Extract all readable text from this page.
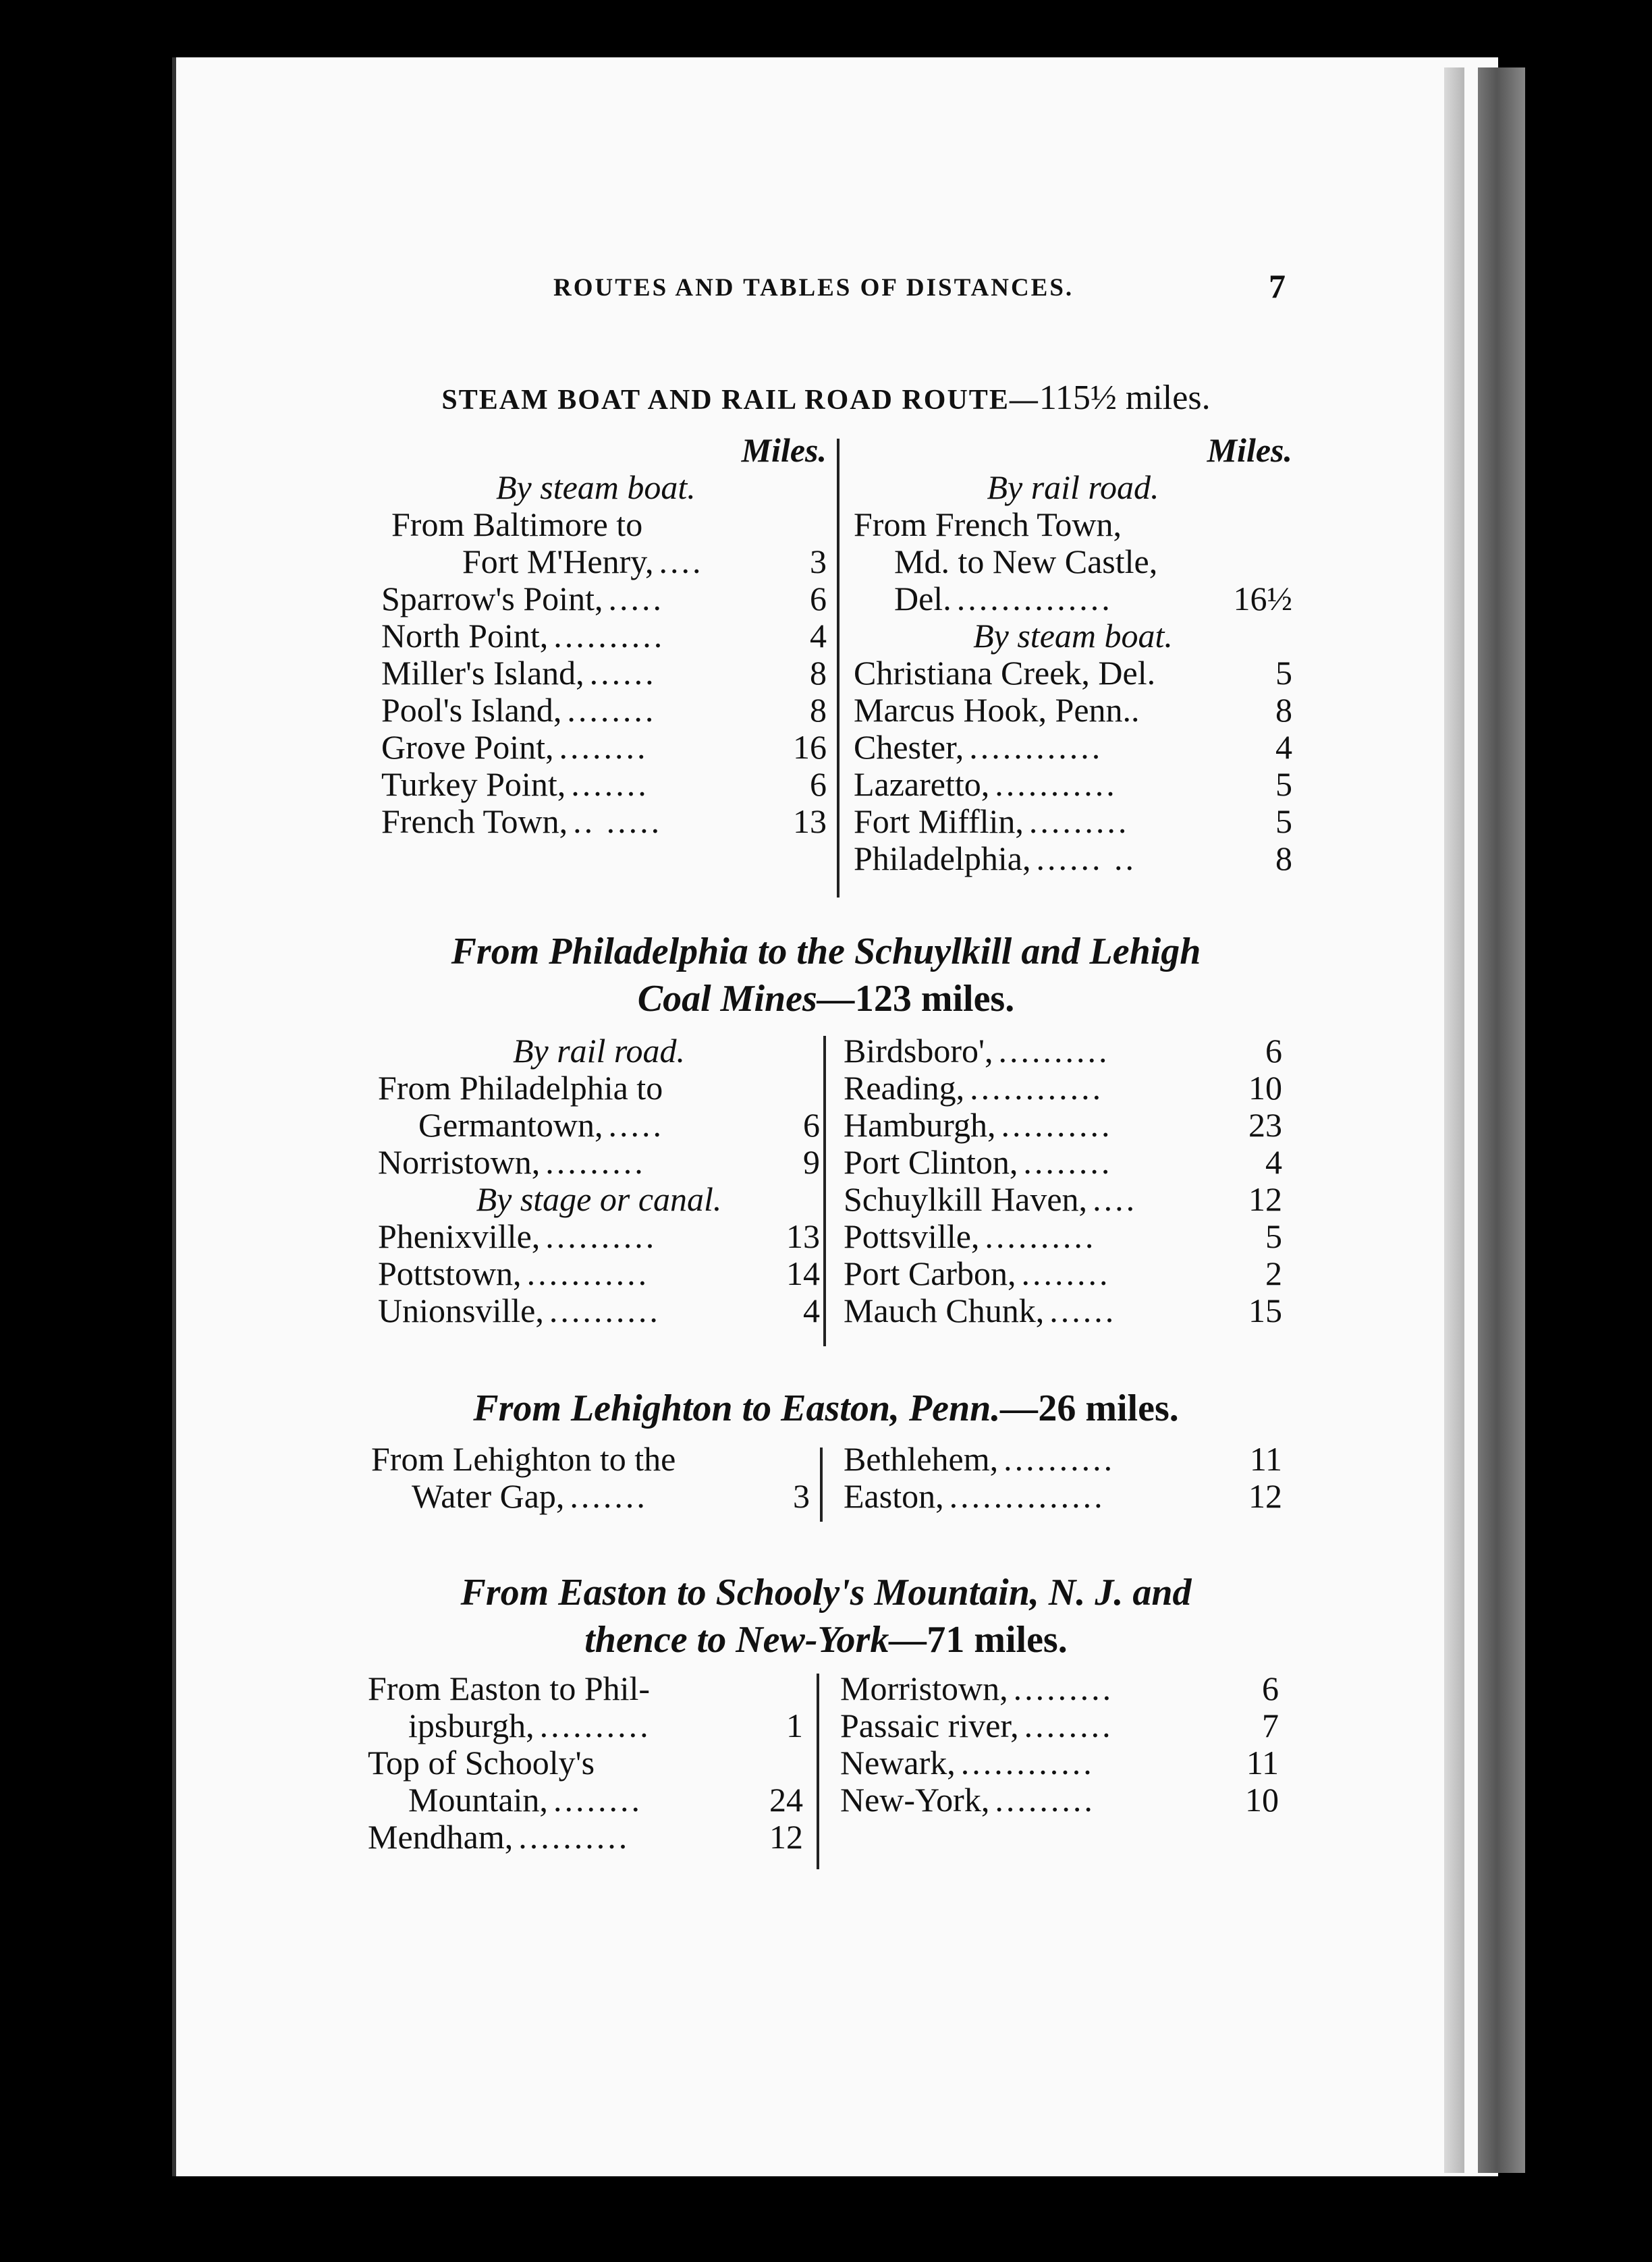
ROUTES AND TABLES OF DISTANCES.	7
STEAM BOAT AND RAIL ROAD ROUTE—115½ miles.
Miles.
By steam boat.
From Baltimore to
Fort M'Henry, ....	3
Sparrow's Point, .....	6
North Point, ..........	4
Miller's Island, ......	8
Pool's Island, ........	8
Grove Point, ........	16
Turkey Point, .......	6
French Town, .. .....	13
Miles.
By rail road.
From French Town,
Md. to New Castle,
Del. ..............	16½
By steam boat.
Christiana Creek, Del.	5
Marcus Hook, Penn..	8
Chester, ............	4
Lazaretto, ...........	5
Fort Mifflin, .........	5
Philadelphia, ...... ..	8
From Philadelphia to the Schuylkill and Lehigh
Coal Mines—123 miles.
By rail road.
From Philadelphia to
Germantown, .....	6
Norristown, .........	9
By stage or canal.
Phenixville, ..........	13
Pottstown, ...........	14
Unionsville, ..........	4
Birdsboro', ..........	6
Reading, ............	10
Hamburgh, ..........	23
Port Clinton, ........	4
Schuylkill Haven, ....	12
Pottsville, ..........	5
Port Carbon, ........	2
Mauch Chunk, ......	15
From Lehighton to Easton, Penn.—26 miles.
From Lehighton to the
Water Gap, .......	3
Bethlehem, ..........	11
Easton, ..............	12
From Easton to Schooly's Mountain, N. J. and
thence to New-York—71 miles.
From Easton to Phil-
ipsburgh, ..........	1
Top of Schooly's
Mountain, ........	24
Mendham, ..........	12
Morristown, .........	6
Passaic river, ........	7
Newark, ............	11
New-York, .........	10
